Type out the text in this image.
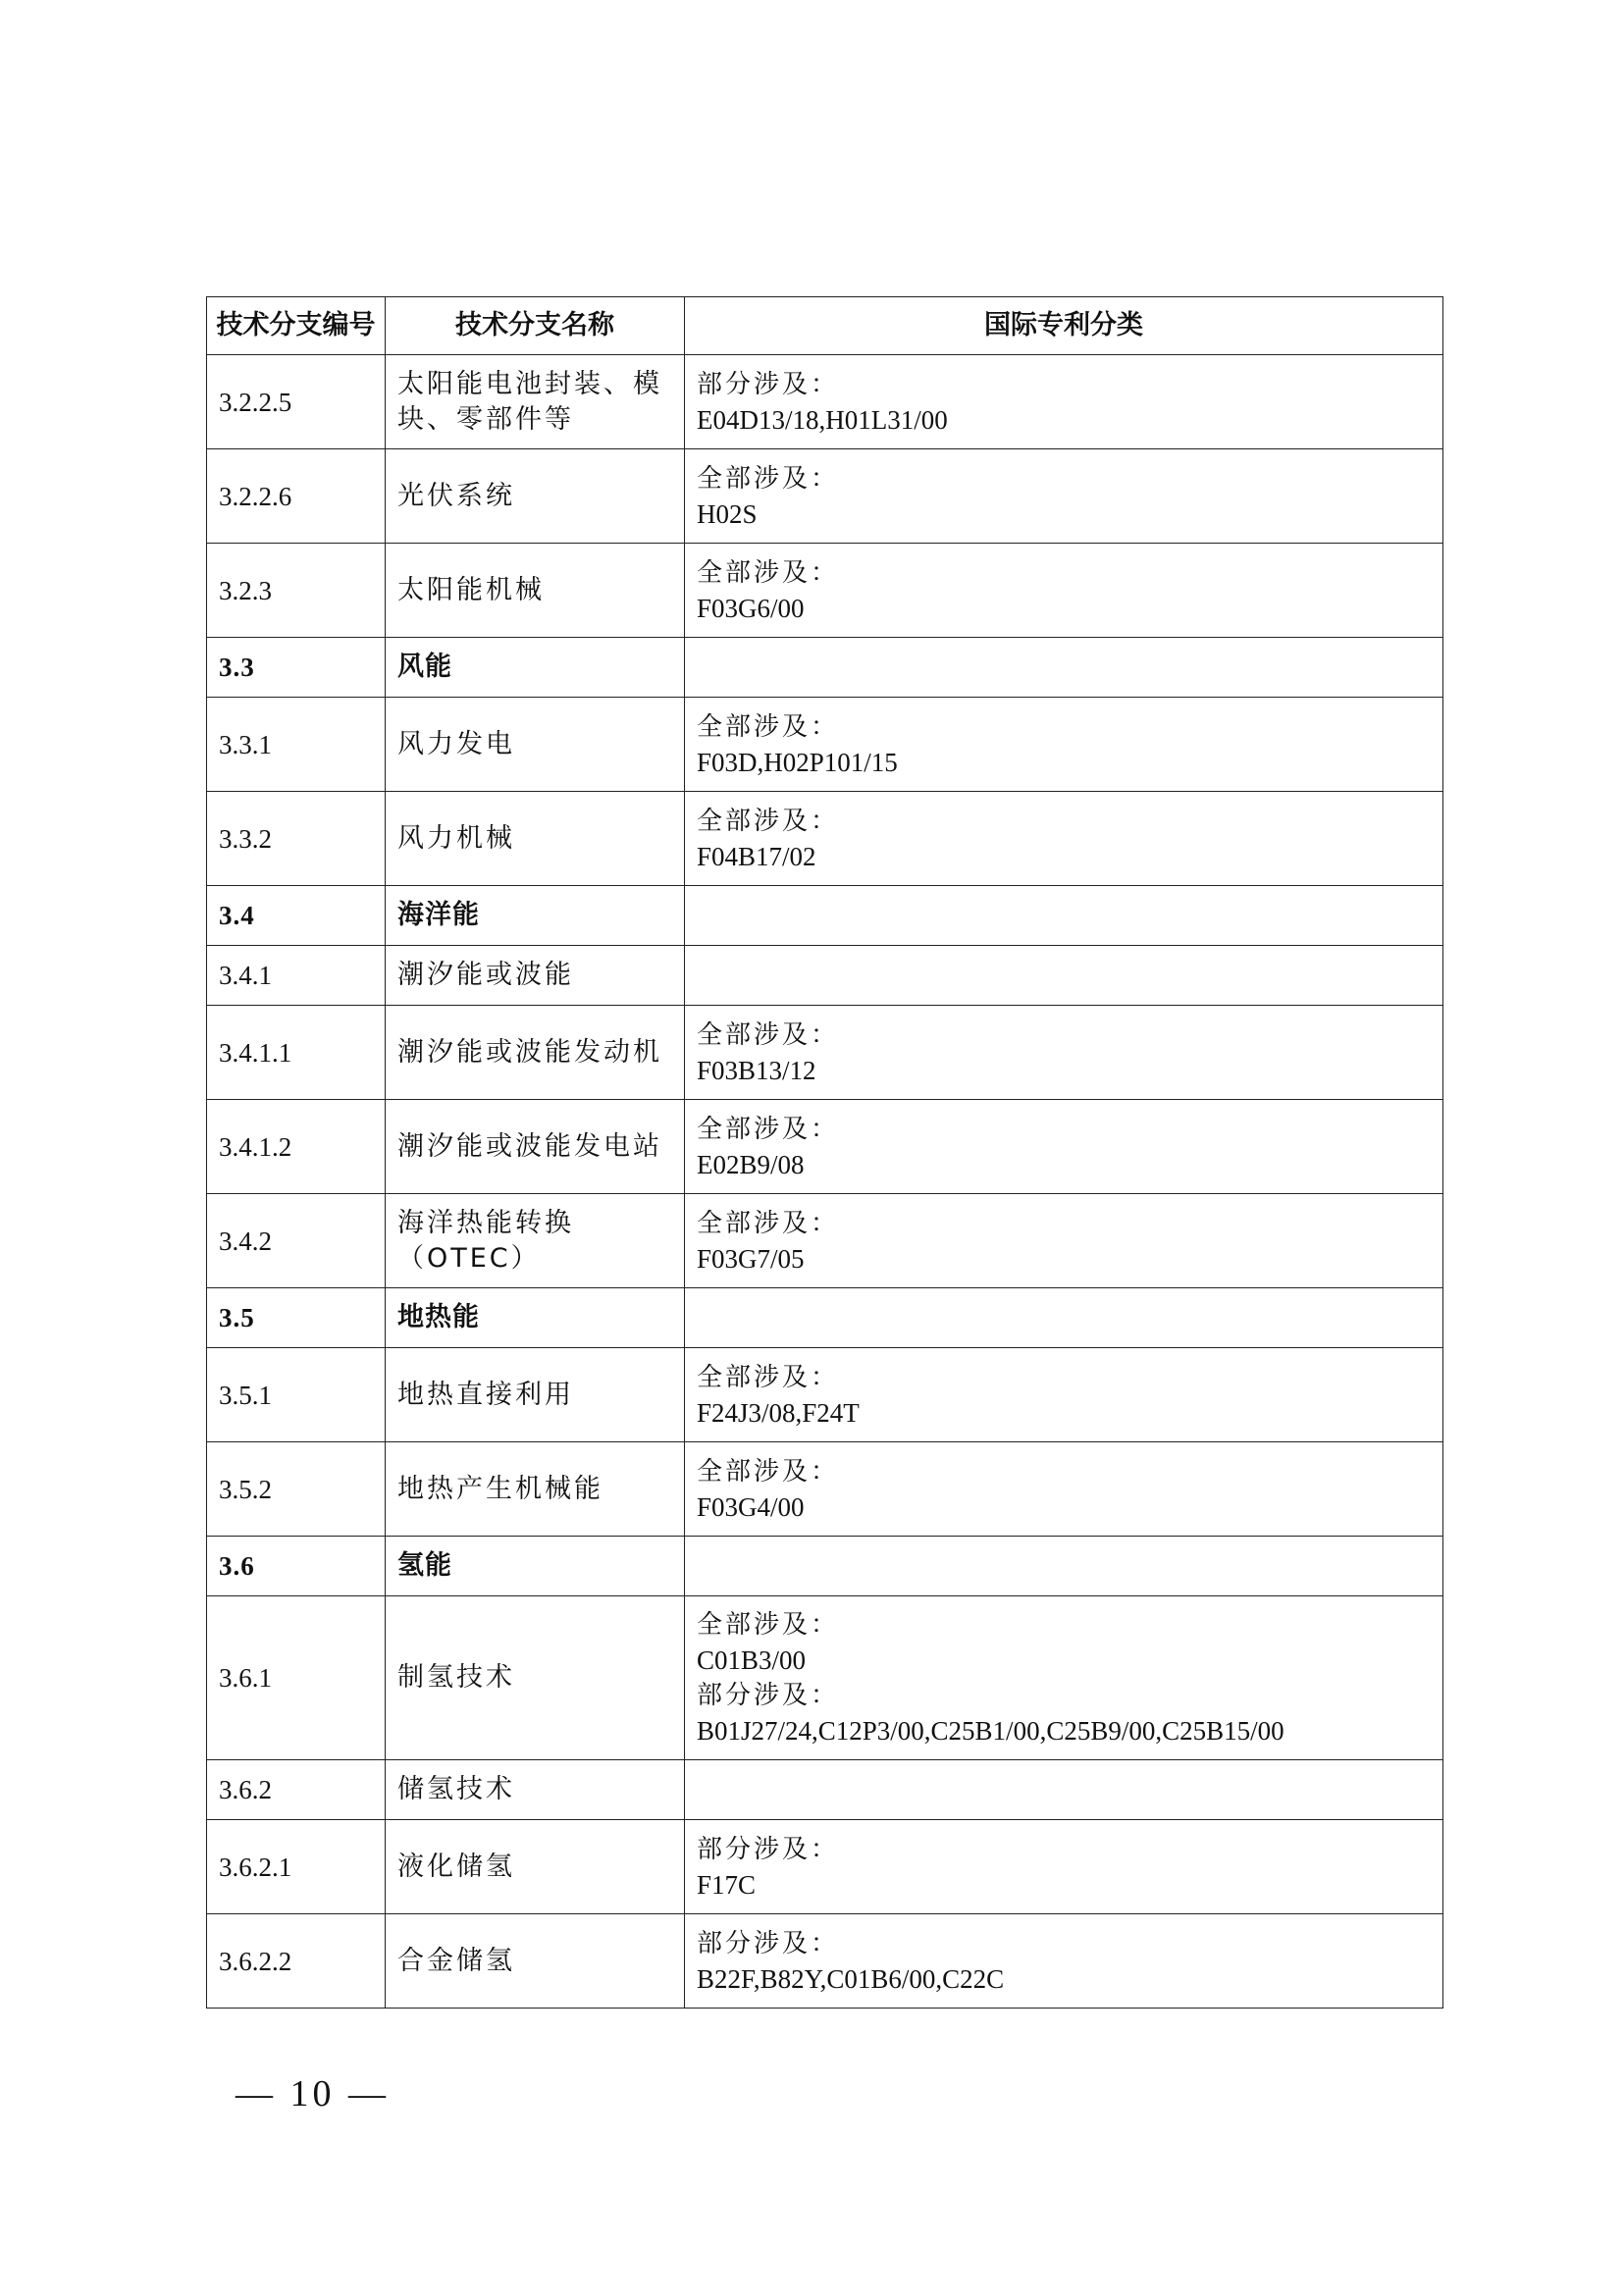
技术分支编号	技术分支名称	国际专利分类
3.2.2.5	太阳能电池封装、模块、零部件等	部分涉及：
E04D13/18,H01L31/00

3.2.2.6	光伏系统	全部涉及：
H02S

3.2.3	太阳能机械	全部涉及：
F03G6/00

3.3	风能	
3.3.1	风力发电	全部涉及：
F03D,H02P101/15

3.3.2	风力机械	全部涉及：
F04B17/02

3.4	海洋能	
3.4.1	潮汐能或波能	
3.4.1.1	潮汐能或波能发动机	全部涉及：
F03B13/12

3.4.1.2	潮汐能或波能发电站	全部涉及：
E02B9/08

3.4.2	海洋热能转换（OTEC）	全部涉及：
F03G7/05

3.5	地热能	
3.5.1	地热直接利用	全部涉及：
F24J3/08,F24T

3.5.2	地热产生机械能	全部涉及：
F03G4/00

3.6	氢能	
3.6.1	制氢技术	全部涉及：
C01B3/00
部分涉及：
B01J27/24,C12P3/00,C25B1/00,C25B9/00,C25B15/00

3.6.2	储氢技术	
3.6.2.1	液化储氢	部分涉及：
F17C

3.6.2.2	合金储氢	部分涉及：
B22F,B82Y,C01B6/00,C22C
— 10 —
